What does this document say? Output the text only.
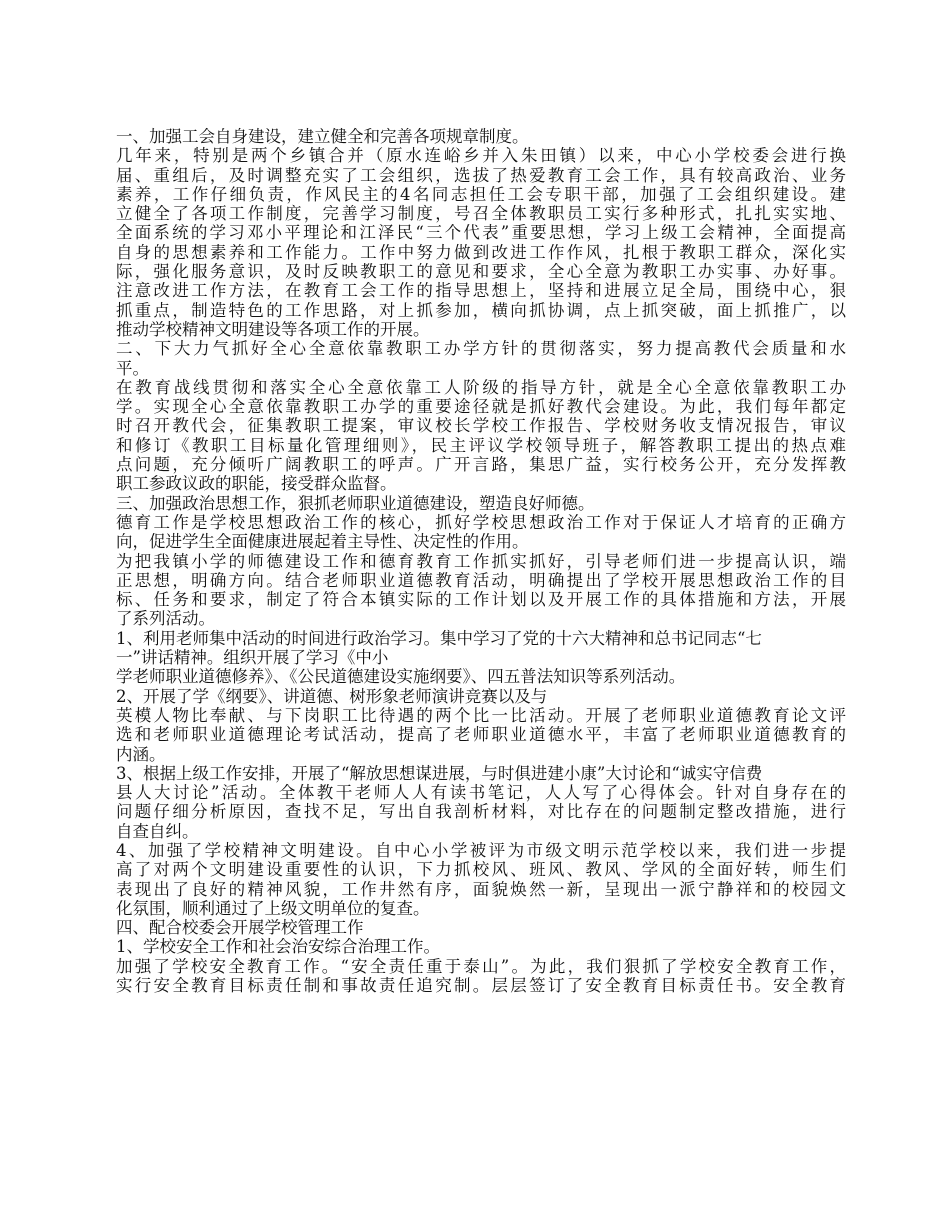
一、加强工会自身建设，建立健全和完善各项规章制度。
几年来，特别是两个乡镇合并（原水连峪乡并入朱田镇）以来，中心小学校委会进行换
届、重组后，及时调整充实了工会组织，选拔了热爱教育工会工作，具有较高政治、业务
素养，工作仔细负责，作风民主的4名同志担任工会专职干部，加强了工会组织建设。建
立健全了各项工作制度，完善学习制度，号召全体教职员工实行多种形式，扎扎实实地、
全面系统的学习邓小平理论和江泽民“三个代表”重要思想，学习上级工会精神，全面提高
自身的思想素养和工作能力。工作中努力做到改进工作作风，扎根于教职工群众，深化实
际，强化服务意识，及时反映教职工的意见和要求，全心全意为教职工办实事、办好事。
注意改进工作方法，在教育工会工作的指导思想上，坚持和进展立足全局，围绕中心，狠
抓重点，制造特色的工作思路，对上抓参加，横向抓协调，点上抓突破，面上抓推广，以
推动学校精神文明建设等各项工作的开展。
二、下大力气抓好全心全意依靠教职工办学方针的贯彻落实，努力提高教代会质量和水
平。
在教育战线贯彻和落实全心全意依靠工人阶级的指导方针，就是全心全意依靠教职工办
学。实现全心全意依靠教职工办学的重要途径就是抓好教代会建设。为此，我们每年都定
时召开教代会，征集教职工提案，审议校长学校工作报告、学校财务收支情况报告，审议
和修订《教职工目标量化管理细则》，民主评议学校领导班子，解答教职工提出的热点难
点问题，充分倾听广阔教职工的呼声。广开言路，集思广益，实行校务公开，充分发挥教
职工参政议政的职能，接受群众监督。
三、加强政治思想工作，狠抓老师职业道德建设，塑造良好师德。
德育工作是学校思想政治工作的核心，抓好学校思想政治工作对于保证人才培育的正确方
向，促进学生全面健康进展起着主导性、决定性的作用。
为把我镇小学的师德建设工作和德育教育工作抓实抓好，引导老师们进一步提高认识，端
正思想，明确方向。结合老师职业道德教育活动，明确提出了学校开展思想政治工作的目
标、任务和要求，制定了符合本镇实际的工作计划以及开展工作的具体措施和方法，开展
了系列活动。
1、利用老师集中活动的时间进行政治学习。集中学习了党的十六大精神和总书记同志“七
一”讲话精神。组织开展了学习《中小
学老师职业道德修养》、《公民道德建设实施纲要》、四五普法知识等系列活动。
2、开展了学《纲要》、讲道德、树形象老师演讲竞赛以及与
英模人物比奉献、与下岗职工比待遇的两个比一比活动。开展了老师职业道德教育论文评
选和老师职业道德理论考试活动，提高了老师职业道德水平，丰富了老师职业道德教育的
内涵。
3、根据上级工作安排，开展了“解放思想谋进展，与时俱进建小康”大讨论和“诚实守信费
县人大讨论”活动。全体教干老师人人有读书笔记，人人写了心得体会。针对自身存在的
问题仔细分析原因，查找不足，写出自我剖析材料，对比存在的问题制定整改措施，进行
自查自纠。
4、加强了学校精神文明建设。自中心小学被评为市级文明示范学校以来，我们进一步提
高了对两个文明建设重要性的认识，下力抓校风、班风、教风、学风的全面好转，师生们
表现出了良好的精神风貌，工作井然有序，面貌焕然一新，呈现出一派宁静祥和的校园文
化氛围，顺利通过了上级文明单位的复查。
四、配合校委会开展学校管理工作
1、学校安全工作和社会治安综合治理工作。
加强了学校安全教育工作。“安全责任重于泰山”。为此，我们狠抓了学校安全教育工作，
实行安全教育目标责任制和事故责任追究制。层层签订了安全教育目标责任书。安全教育
